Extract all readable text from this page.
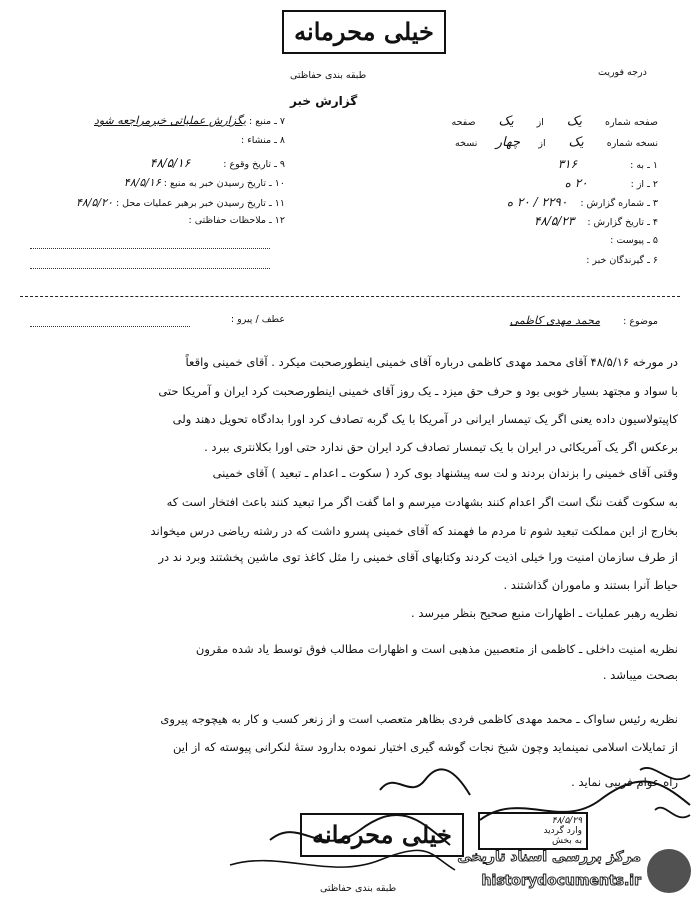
خیلی محرمانه
طبقه بندی حفاظتی	درجه فوریت
گزارش خبر
صفحه شماره یک از یک صفحه
نسخه شماره یک از چهار نسخه
۱ ـ به : ۳۱۶
۲ ـ از : ۲۰ ه
۳ ـ شماره گزارش : ۲۲۹۰ / ۲۰ ه
۴ ـ تاریخ گزارش : ۴۸/۵/۲۳
۵ ـ پیوست :
۶ ـ گیرندگان خبر :
۷ ـ منبع : بگزارش عملیاتی خبرمراجعه شود
۸ ـ منشاء :
۹ ـ تاریخ وقوع : ۴۸/۵/۱۶
۱۰ ـ تاریخ رسیدن خبر به منبع : ۴۸/۵/۱۶
۱۱ ـ تاریخ رسیدن خبر برهبر عملیات محل : ۴۸/۵/۲۰
۱۲ ـ ملاحظات حفاظتی :
موضوع : محمد مهدی کاظمی
عطف / پیرو :
در مورخه ۴۸/۵/۱۶ آقای محمد مهدی کاظمی درباره آقای خمینی اینطورصحبت میکرد . آقای خمینی واقعاً
با سواد و مجتهد بسیار خوبی بود و حرف حق میزد ـ یک روز آقای خمینی اینطورصحبت کرد ایران و آمریکا حتی
کاپیتولاسیون داده یعنی اگر یک تیمسار ایرانی در آمریکا با یک گربه تصادف کرد اورا بدادگاه تحویل دهند ولی
برعکس اگر یک آمریکائی در ایران با یک تیمسار تصادف کرد ایران حق ندارد حتی اورا بکلانتری ببرد .
وقتی آقای خمینی را بزندان بردند و لت سه پیشنهاد بوی کرد ( سکوت ـ اعدام ـ تبعید ) آقای خمینی
به سکوت گفت ننگ است اگر اعدام کنند بشهادت میرسم و اما گفت اگر مرا تبعید کنند باعث افتخار است که
بخارج از این مملکت تبعید شوم تا مردم ما فهمند که آقای خمینی پسرو داشت که در رشته ریاضی درس میخواند
از طرف سازمان امنیت ورا خیلی اذیت کردند وکتابهای آقای خمینی را مثل کاغذ توی ماشین پخشتند وبرد ند در
حیاط آنرا بستند و ماموران گذاشتند .
نظریه رهبر عملیات ـ اظهارات منبع صحیح بنظر میرسد .
نظریه امنیت داخلی ـ کاظمی از متعصبین مذهبی است و اظهارات مطالب فوق توسط یاد شده مقرون
بصحت میباشد .
نظریه رئیس ساواک ـ محمد مهدی کاظمی فردی بظاهر متعصب است و از زنعر کسب و کار به هیچوجه پیروی
از تمایلات اسلامی نمینماید وچون شیخ نجات گوشه گیری اختیار نموده بدارود ستهٔ لنکرانی پیوسته که از این
راه عوام فریبی نماید .
خیلی محرمانه
طبقه بندی حفاظتی
۴۸/۵/۲۹
وارد گردید
به بخش
مرکز بررسی اسناد تاریخی
historydocuments.ir
